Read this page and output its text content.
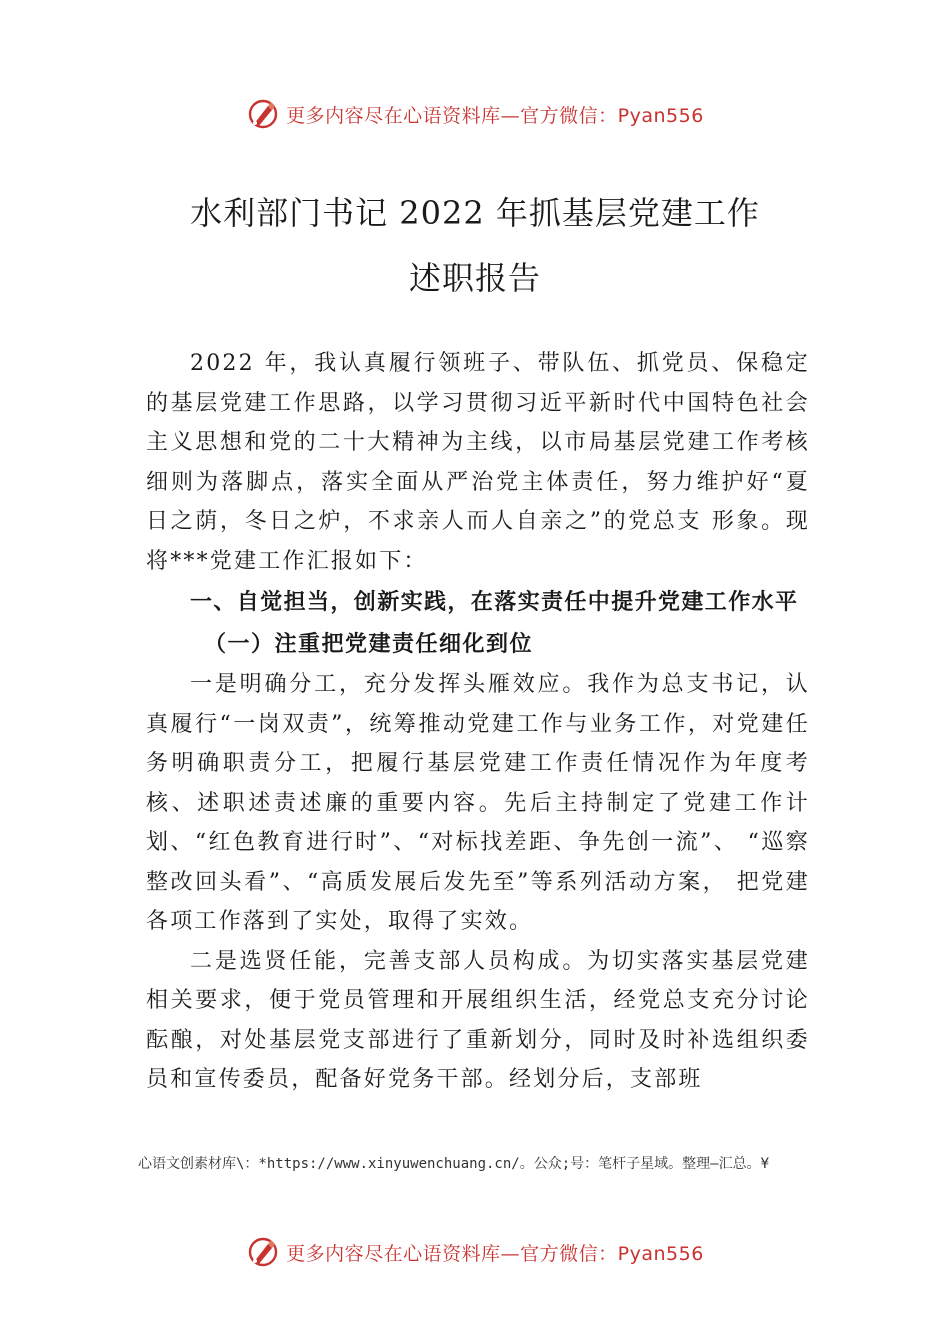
更多内容尽在心语资料库—官方微信：Pyan556
水利部门书记 2022 年抓基层党建工作
述职报告

2022 年，我认真履行领班子、带队伍、抓党员、保稳定的基层党建工作思路，以学习贯彻习近平新时代中国特色社会主义思想和党的二十大精神为主线，以市局基层党建工作考核细则为落脚点，落实全面从严治党主体责任，努力维护好“夏日之荫，冬日之炉，不求亲人而人自亲之”的党总支 形象。现将***党建工作汇报如下：

一、自觉担当，创新实践，在落实责任中提升党建工作水平

（一）注重把党建责任细化到位

一是明确分工，充分发挥头雁效应。我作为总支书记，认真履行“一岗双责”，统筹推动党建工作与业务工作，对党建任务明确职责分工，把履行基层党建工作责任情况作为年度考核、述职述责述廉的重要内容。先后主持制定了党建工作计划、“红色教育进行时”、“对标找差距、争先创一流”、 “巡察整改回头看”、“高质发展后发先至”等系列活动方案， 把党建各项工作落到了实处，取得了实效。

二是选贤任能，完善支部人员构成。为切实落实基层党建相关要求，便于党员管理和开展组织生活，经党总支充分讨论酝酿，对处基层党支部进行了重新划分，同时及时补选组织委员和宣传委员，配备好党务干部。经划分后，支部班

心语文创素材库\：*https://www.xinyuwenchuang.cn/。公众;号：笔杆子星域。整理—汇总。¥

更多内容尽在心语资料库—官方微信：Pyan556
